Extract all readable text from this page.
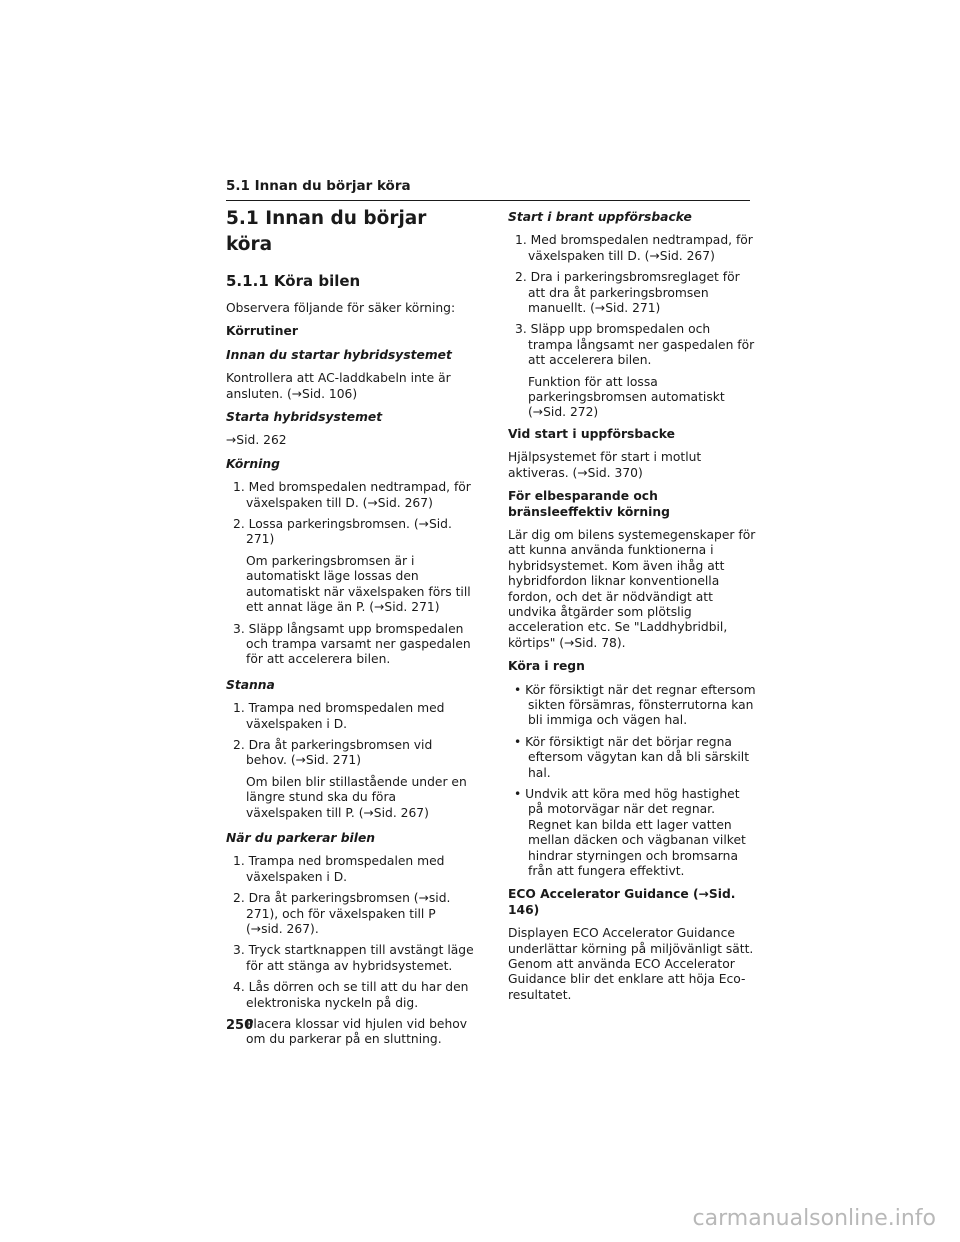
5.1 Innan du börjar köra
5.1 Innan du börjar köra
5.1.1 Köra bilen
Observera följande för säker körning:
Körrutiner
Innan du startar hybridsystemet
Kontrollera att AC-laddkabeln inte är ansluten. (→Sid. 106)
Starta hybridsystemet
→Sid. 262
Körning
1. Med bromspedalen nedtrampad, för växelspaken till D. (→Sid. 267)
2. Lossa parkeringsbromsen. (→Sid. 271)
Om parkeringsbromsen är i automatiskt läge lossas den automatiskt när växelspaken förs till ett annat läge än P. (→Sid. 271)
3. Släpp långsamt upp bromspedalen och trampa varsamt ner gaspedalen för att accelerera bilen.
Stanna
1. Trampa ned bromspedalen med växelspaken i D.
2. Dra åt parkeringsbromsen vid behov. (→Sid. 271)
Om bilen blir stillastående under en längre stund ska du föra växelspaken till P. (→Sid. 267)
När du parkerar bilen
1. Trampa ned bromspedalen med växelspaken i D.
2. Dra åt parkeringsbromsen (→sid. 271), och för växelspaken till P (→sid. 267).
3. Tryck startknappen till avstängt läge för att stänga av hybridsystemet.
4. Lås dörren och se till att du har den elektroniska nyckeln på dig.
Placera klossar vid hjulen vid behov om du parkerar på en sluttning.
Start i brant uppförsbacke
1. Med bromspedalen nedtrampad, för växelspaken till D. (→Sid. 267)
2. Dra i parkeringsbromsreglaget för att dra åt parkeringsbromsen manuellt. (→Sid. 271)
3. Släpp upp bromspedalen och trampa långsamt ner gaspedalen för att accelerera bilen.
Funktion för att lossa parkeringsbromsen automatiskt (→Sid. 272)
Vid start i uppförsbacke
Hjälpsystemet för start i motlut aktiveras. (→Sid. 370)
För elbesparande och bränsleeffektiv körning
Lär dig om bilens systemegenskaper för att kunna använda funktionerna i hybridsystemet. Kom även ihåg att hybridfordon liknar konventionella fordon, och det är nödvändigt att undvika åtgärder som plötslig acceleration etc. Se "Laddhybridbil, körtips" (→Sid. 78).
Köra i regn
• Kör försiktigt när det regnar eftersom sikten försämras, fönsterrutorna kan bli immiga och vägen hal.
• Kör försiktigt när det börjar regna eftersom vägytan kan då bli särskilt hal.
• Undvik att köra med hög hastighet på motorvägar när det regnar. Regnet kan bilda ett lager vatten mellan däcken och vägbanan vilket hindrar styrningen och bromsarna från att fungera effektivt.
ECO Accelerator Guidance (→Sid. 146)
Displayen ECO Accelerator Guidance underlättar körning på miljövänligt sätt. Genom att använda ECO Accelerator Guidance blir det enklare att höja Eco-resultatet.
250
carmanualsonline.info
